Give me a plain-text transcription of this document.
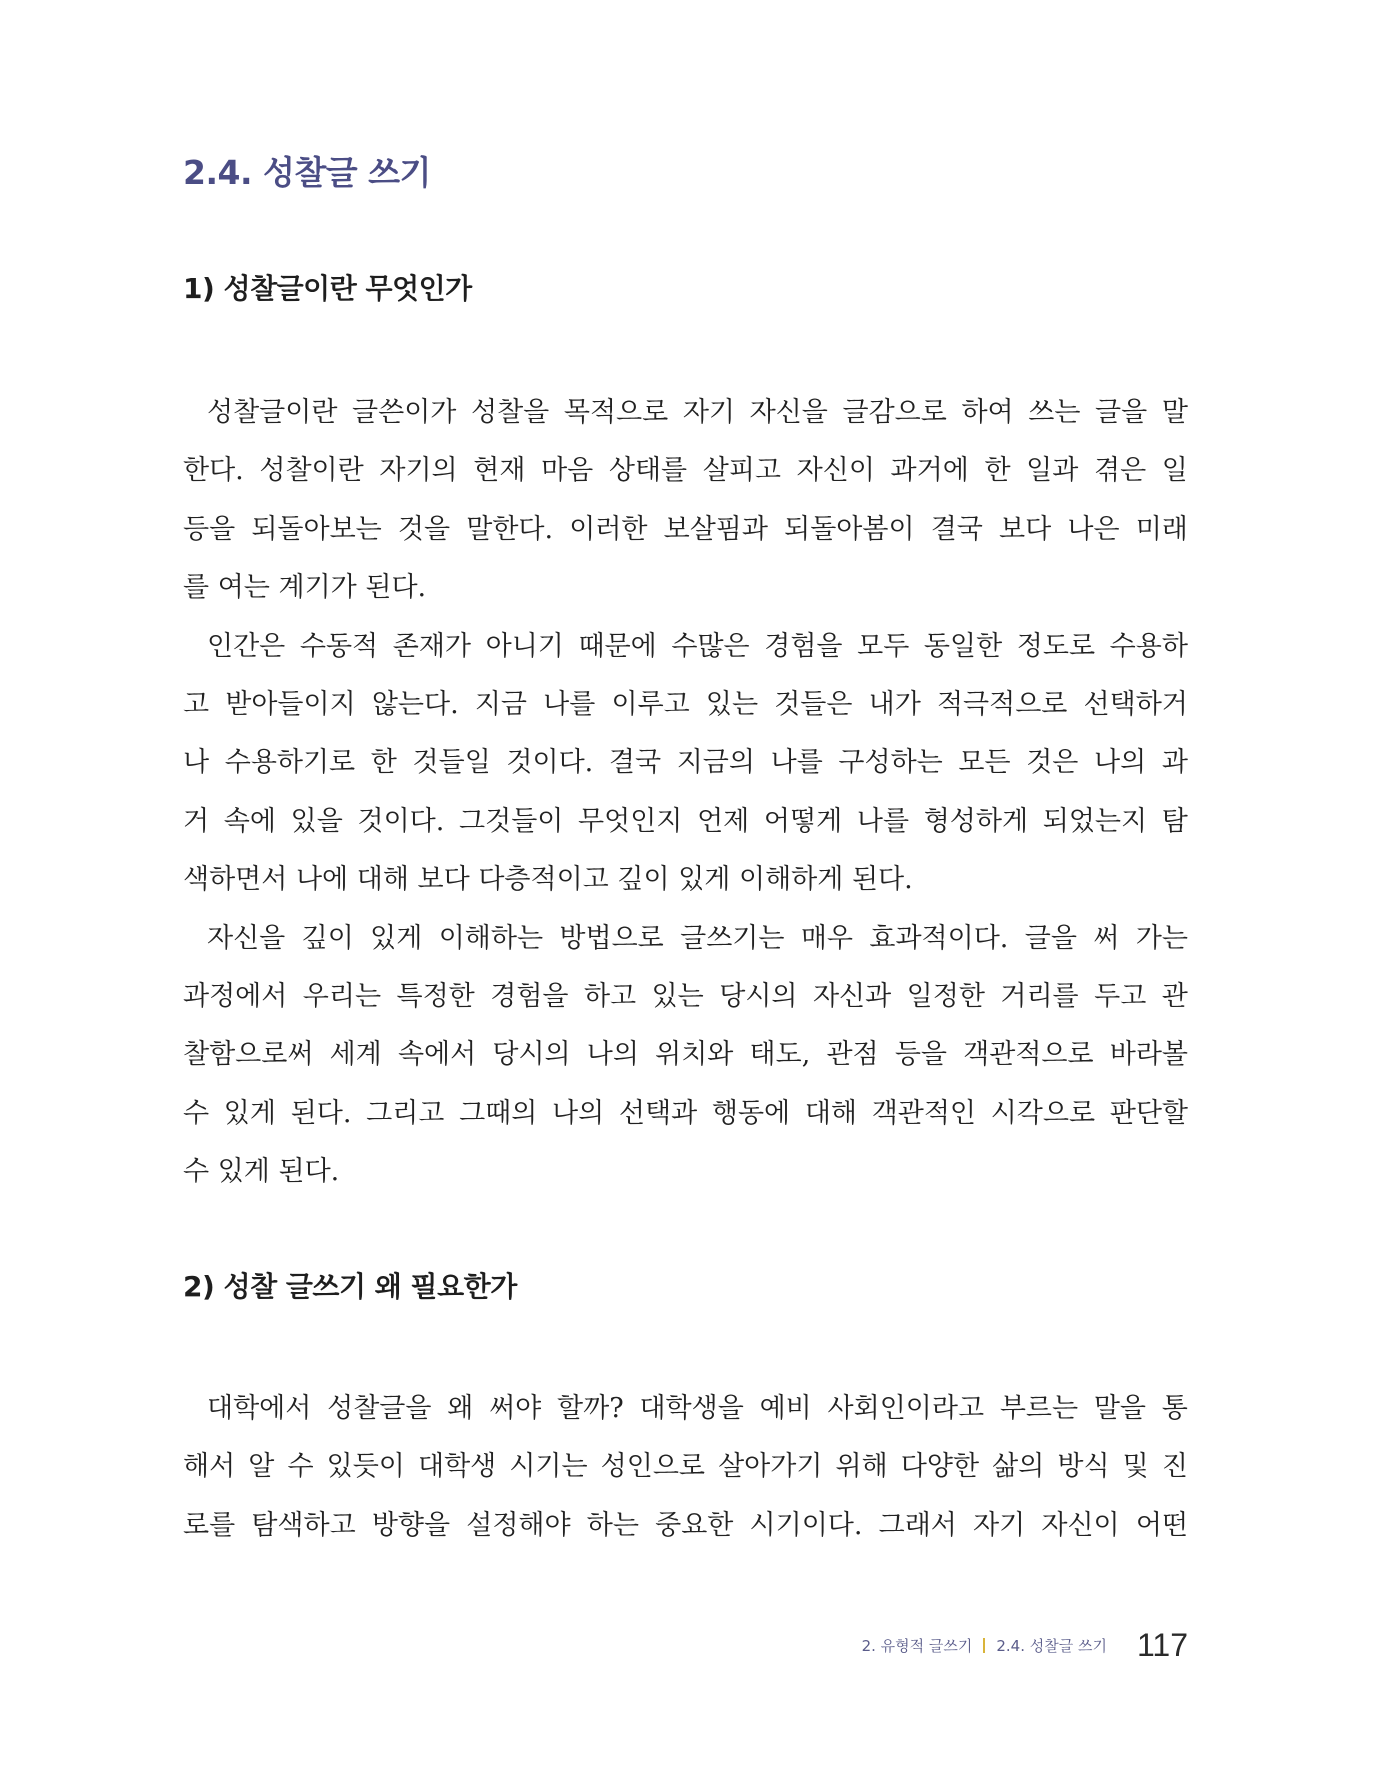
2.4. 성찰글 쓰기
1) 성찰글이란 무엇인가
성찰글이란 글쓴이가 성찰을 목적으로 자기 자신을 글감으로 하여 쓰는 글을 말
한다. 성찰이란 자기의 현재 마음 상태를 살피고 자신이 과거에 한 일과 겪은 일
등을 되돌아보는 것을 말한다. 이러한 보살핌과 되돌아봄이 결국 보다 나은 미래
를 여는 계기가 된다.
인간은 수동적 존재가 아니기 때문에 수많은 경험을 모두 동일한 정도로 수용하
고 받아들이지 않는다. 지금 나를 이루고 있는 것들은 내가 적극적으로 선택하거
나 수용하기로 한 것들일 것이다. 결국 지금의 나를 구성하는 모든 것은 나의 과
거 속에 있을 것이다. 그것들이 무엇인지 언제 어떻게 나를 형성하게 되었는지 탐
색하면서 나에 대해 보다 다층적이고 깊이 있게 이해하게 된다.
자신을 깊이 있게 이해하는 방법으로 글쓰기는 매우 효과적이다. 글을 써 가는
과정에서 우리는 특정한 경험을 하고 있는 당시의 자신과 일정한 거리를 두고 관
찰함으로써 세계 속에서 당시의 나의 위치와 태도, 관점 등을 객관적으로 바라볼
수 있게 된다. 그리고 그때의 나의 선택과 행동에 대해 객관적인 시각으로 판단할
수 있게 된다.
2) 성찰 글쓰기 왜 필요한가
대학에서 성찰글을 왜 써야 할까? 대학생을 예비 사회인이라고 부르는 말을 통
해서 알 수 있듯이 대학생 시기는 성인으로 살아가기 위해 다양한 삶의 방식 및 진
로를 탐색하고 방향을 설정해야 하는 중요한 시기이다. 그래서 자기 자신이 어떤
2. 유형적 글쓰기 2.4. 성찰글 쓰기 117
